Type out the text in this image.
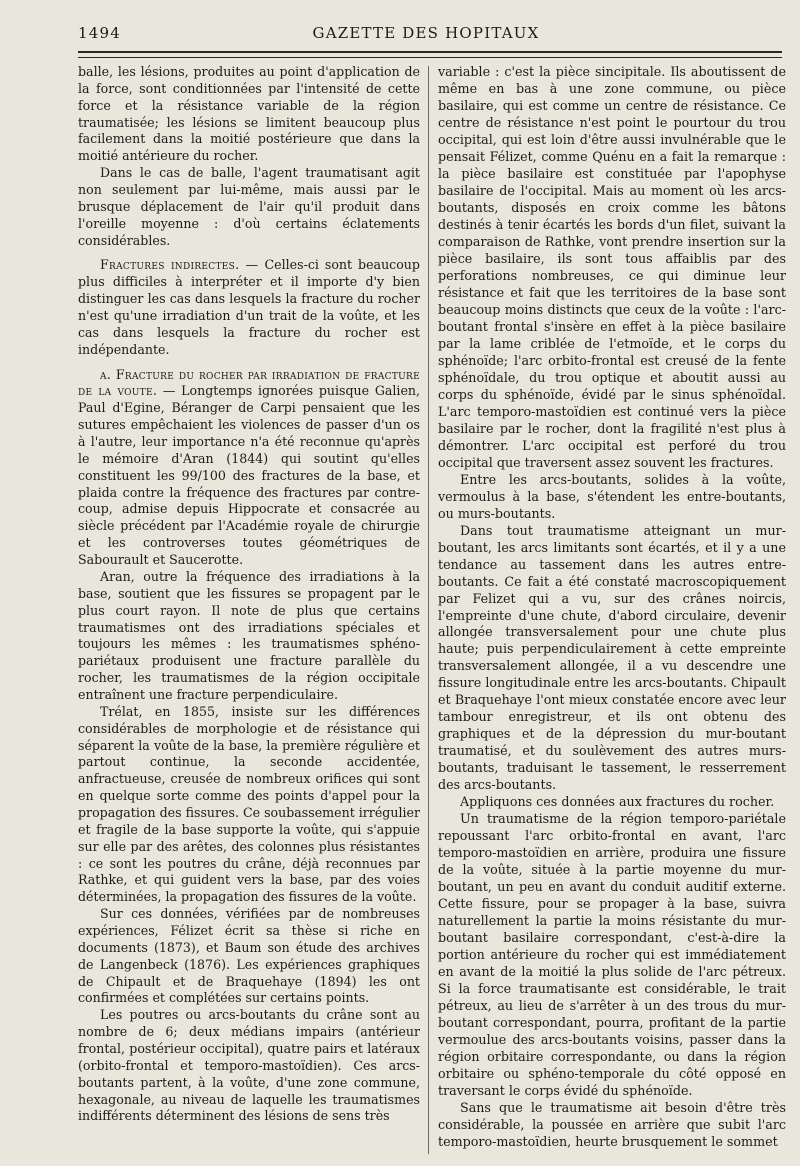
1494	GAZETTE DES HOPITAUX

balle, les lésions, produites au point d'application de la force, sont conditionnées par l'intensité de cette force et la résistance variable de la région traumatisée; les lésions se limitent beaucoup plus facilement dans la moitié postérieure que dans la moitié antérieure du rocher.

Dans le cas de balle, l'agent traumatisant agit non seulement par lui-même, mais aussi par le brusque déplacement de l'air qu'il produit dans l'oreille moyenne : d'où certains éclatements considérables.

Fractures indirectes. — Celles-ci sont beaucoup plus difficiles à interpréter et il importe d'y bien distinguer les cas dans lesquels la fracture du rocher n'est qu'une irradiation d'un trait de la voûte, et les cas dans lesquels la fracture du rocher est indépendante.

α. Fracture du rocher par irradiation de fracture de la voute. — Longtemps ignorées puisque Galien, Paul d'Egine, Béranger de Carpi pensaient que les sutures empêchaient les violences de passer d'un os à l'autre, leur importance n'a été reconnue qu'après le mémoire d'Aran (1844) qui soutint qu'elles constituent les 99/100 des fractures de la base, et plaida contre la fréquence des fractures par contre-coup, admise depuis Hippocrate et consacrée au siècle précédent par l'Académie royale de chirurgie et les controverses toutes géométriques de Sabourault et Saucerotte.

Aran, outre la fréquence des irradiations à la base, soutient que les fissures se propagent par le plus court rayon. Il note de plus que certains traumatismes ont des irradiations spéciales et toujours les mêmes : les traumatismes sphéno-pariétaux produisent une fracture parallèle du rocher, les traumatismes de la région occipitale entraînent une fracture perpendiculaire.

Trélat, en 1855, insiste sur les différences considérables de morphologie et de résistance qui séparent la voûte de la base, la première régulière et partout continue, la seconde accidentée, anfractueuse, creusée de nombreux orifices qui sont en quelque sorte comme des points d'appel pour la propagation des fissures. Ce soubassement irrégulier et fragile de la base supporte la voûte, qui s'appuie sur elle par des arêtes, des colonnes plus résistantes : ce sont les poutres du crâne, déjà reconnues par Rathke, et qui guident vers la base, par des voies déterminées, la propagation des fissures de la voûte.

Sur ces données, vérifiées par de nombreuses expériences, Félizet écrit sa thèse si riche en documents (1873), et Baum son étude des archives de Langenbeck (1876). Les expériences graphiques de Chipault et de Braquehaye (1894) les ont confirmées et complétées sur certains points.

Les poutres ou arcs-boutants du crâne sont au nombre de 6; deux médians impairs (antérieur frontal, postérieur occipital), quatre pairs et latéraux (orbito-frontal et temporo-mastoïdien). Ces arcs-boutants partent, à la voûte, d'une zone commune, hexagonale, au niveau de laquelle les traumatismes indifférents déterminent des lésions de sens très

variable : c'est la pièce sincipitale. Ils aboutissent de même en bas à une zone commune, ou pièce basilaire, qui est comme un centre de résistance. Ce centre de résistance n'est point le pourtour du trou occipital, qui est loin d'être aussi invulnérable que le pensait Félizet, comme Quénu en a fait la remarque : la pièce basilaire est constituée par l'apophyse basilaire de l'occipital. Mais au moment où les arcs-boutants, disposés en croix comme les bâtons destinés à tenir écartés les bords d'un filet, suivant la comparaison de Rathke, vont prendre insertion sur la pièce basilaire, ils sont tous affaiblis par des perforations nombreuses, ce qui diminue leur résistance et fait que les territoires de la base sont beaucoup moins distincts que ceux de la voûte : l'arc-boutant frontal s'insère en effet à la pièce basilaire par la lame criblée de l'etmoïde, et le corps du sphénoïde; l'arc orbito-frontal est creusé de la fente sphénoïdale, du trou optique et aboutit aussi au corps du sphénoïde, évidé par le sinus sphénoïdal. L'arc temporo-mastoïdien est continué vers la pièce basilaire par le rocher, dont la fragilité n'est plus à démontrer. L'arc occipital est perforé du trou occipital que traversent assez souvent les fractures.

Entre les arcs-boutants, solides à la voûte, vermoulus à la base, s'étendent les entre-boutants, ou murs-boutants.

Dans tout traumatisme atteignant un mur-boutant, les arcs limitants sont écartés, et il y a une tendance au tassement dans les autres entre-boutants. Ce fait a été constaté macroscopiquement par Felizet qui a vu, sur des crânes noircis, l'empreinte d'une chute, d'abord circulaire, devenir allongée transversalement pour une chute plus haute; puis perpendiculairement à cette empreinte transversalement allongée, il a vu descendre une fissure longitudinale entre les arcs-boutants. Chipault et Braquehaye l'ont mieux constatée encore avec leur tambour enregistreur, et ils ont obtenu des graphiques et de la dépression du mur-boutant traumatisé, et du soulèvement des autres murs-boutants, traduisant le tassement, le resserrement des arcs-boutants.

Appliquons ces données aux fractures du rocher.

Un traumatisme de la région temporo-pariétale repoussant l'arc orbito-frontal en avant, l'arc temporo-mastoïdien en arrière, produira une fissure de la voûte, située à la partie moyenne du mur-boutant, un peu en avant du conduit auditif externe. Cette fissure, pour se propager à la base, suivra naturellement la partie la moins résistante du mur-boutant basilaire correspondant, c'est-à-dire la portion antérieure du rocher qui est immédiatement en avant de la moitié la plus solide de l'arc pétreux. Si la force traumatisante est considérable, le trait pétreux, au lieu de s'arrêter à un des trous du mur-boutant correspondant, pourra, profitant de la partie vermoulue des arcs-boutants voisins, passer dans la région orbitaire correspondante, ou dans la région orbitaire ou sphéno-temporale du côté opposé en traversant le corps évidé du sphénoïde.

Sans que le traumatisme ait besoin d'être très considérable, la poussée en arrière que subit l'arc temporo-mastoïdien, heurte brusquement le sommet
